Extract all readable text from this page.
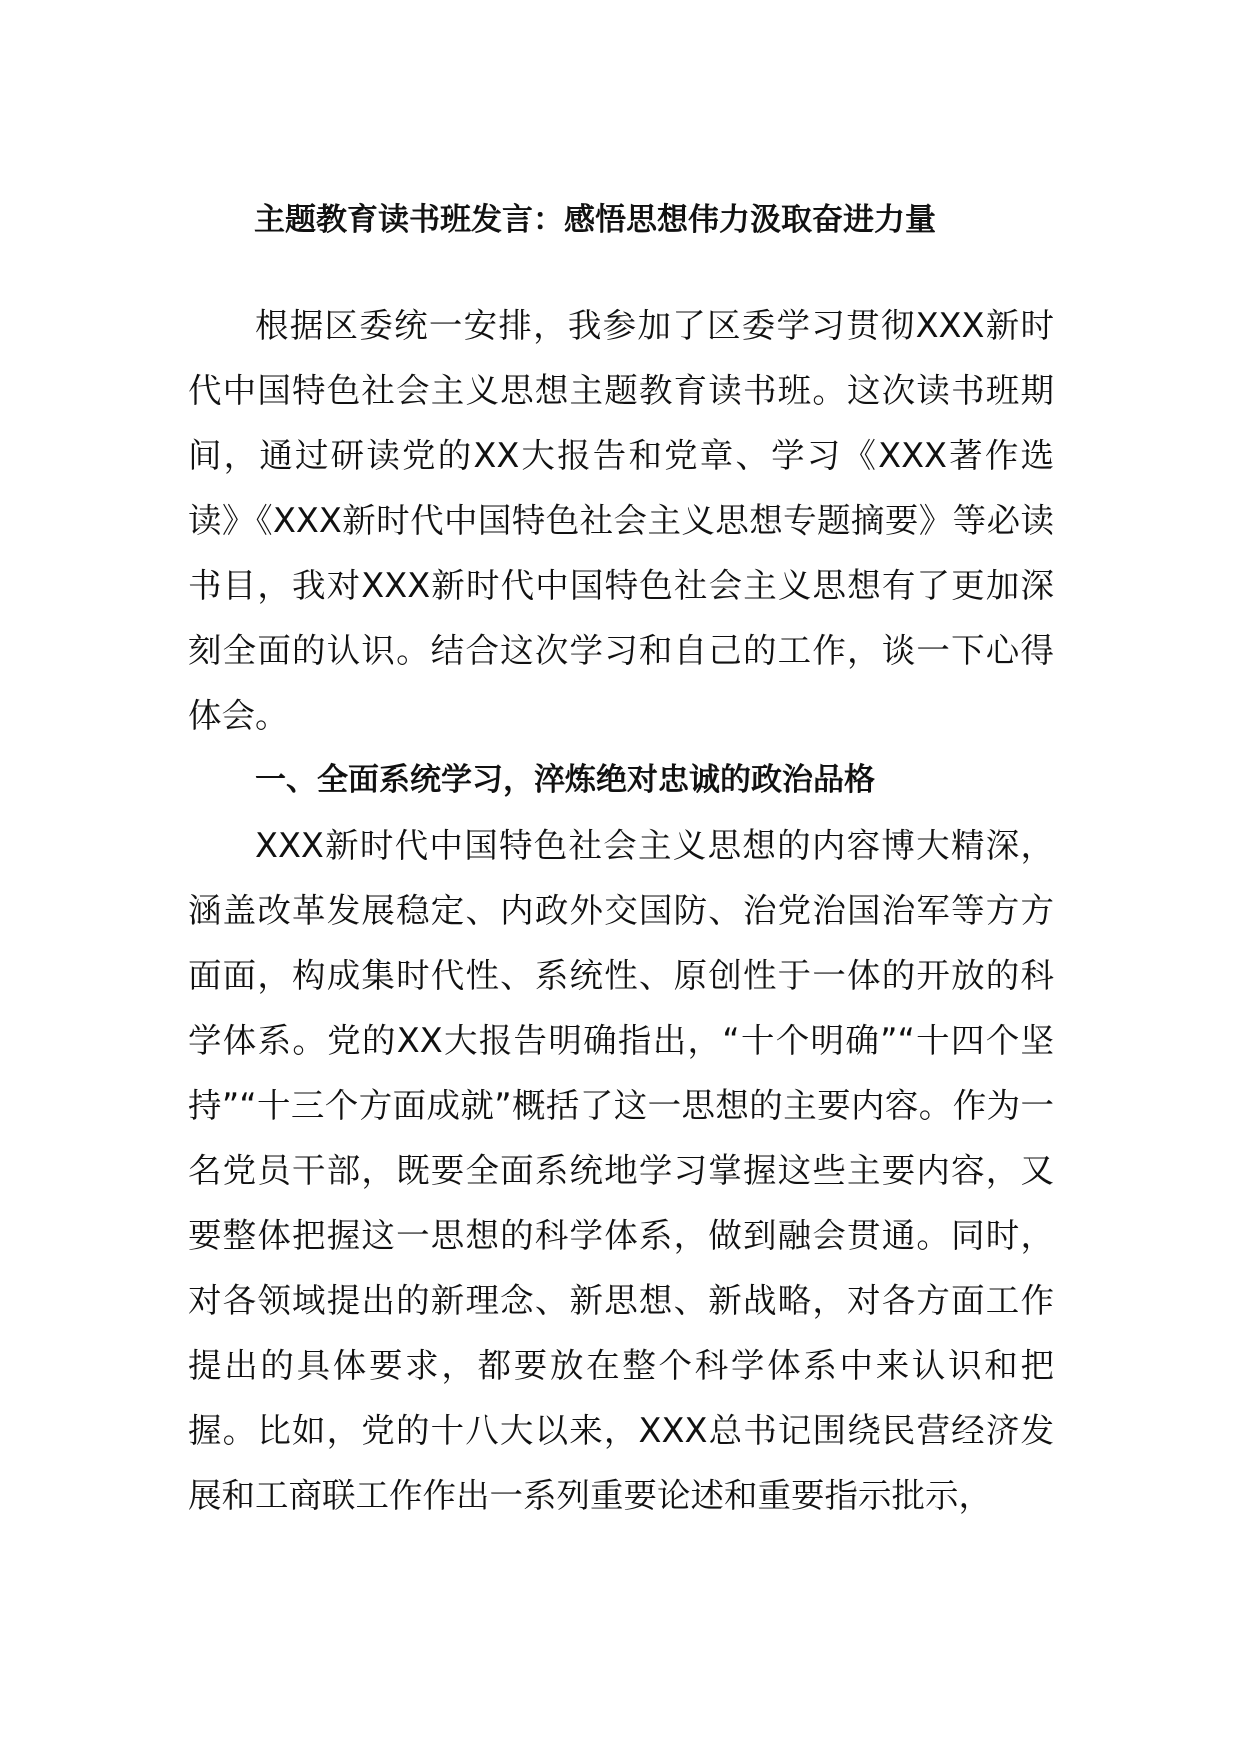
主题教育读书班发言：感悟思想伟力汲取奋进力量

根据区委统一安排，我参加了区委学习贯彻XXX新时代中国特色社会主义思想主题教育读书班。这次读书班期间，通过研读党的XX大报告和党章、学习《XXX著作选读》《XXX新时代中国特色社会主义思想专题摘要》等必读书目，我对XXX新时代中国特色社会主义思想有了更加深刻全面的认识。结合这次学习和自己的工作，谈一下心得体会。

一、全面系统学习，淬炼绝对忠诚的政治品格

XXX新时代中国特色社会主义思想的内容博大精深，涵盖改革发展稳定、内政外交国防、治党治国治军等方方面面，构成集时代性、系统性、原创性于一体的开放的科学体系。党的XX大报告明确指出，“十个明确”“十四个坚持”“十三个方面成就”概括了这一思想的主要内容。作为一名党员干部，既要全面系统地学习掌握这些主要内容，又要整体把握这一思想的科学体系，做到融会贯通。同时，对各领域提出的新理念、新思想、新战略，对各方面工作提出的具体要求，都要放在整个科学体系中来认识和把握。比如，党的十八大以来，XXX总书记围绕民营经济发展和工商联工作作出一系列重要论述和重要指示批示，
